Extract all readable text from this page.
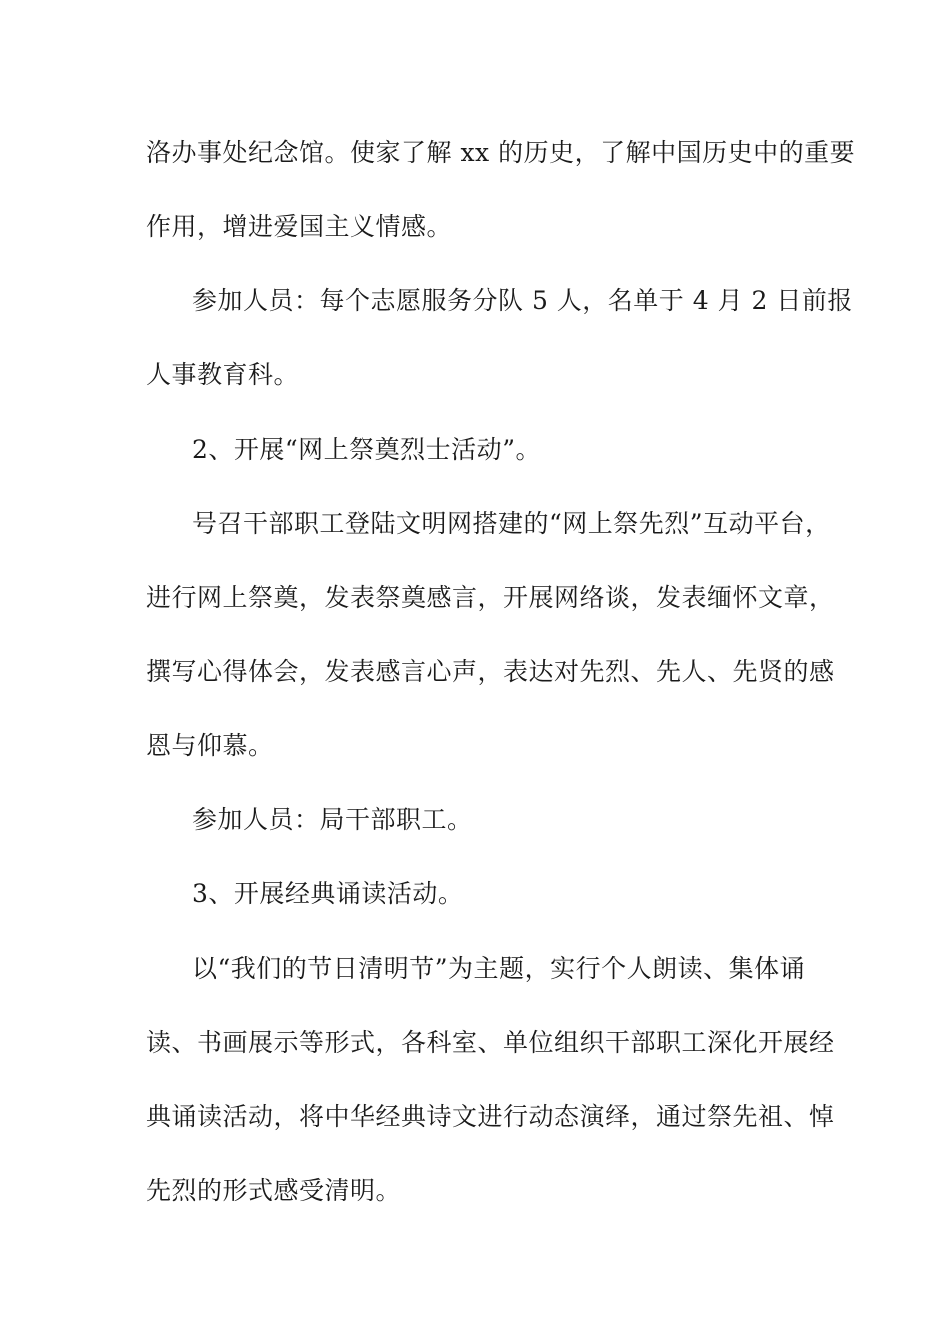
洛办事处纪念馆。使家了解 xx 的历史，了解中国历史中的重要
作用，增进爱国主义情感。
参加人员：每个志愿服务分队 5 人，名单于 4 月 2 日前报
人事教育科。
2、开展“网上祭奠烈士活动”。
号召干部职工登陆文明网搭建的“网上祭先烈”互动平台，
进行网上祭奠，发表祭奠感言，开展网络谈，发表缅怀文章，
撰写心得体会，发表感言心声，表达对先烈、先人、先贤的感
恩与仰慕。
参加人员：局干部职工。
3、开展经典诵读活动。
以“我们的节日清明节”为主题，实行个人朗读、集体诵
读、书画展示等形式，各科室、单位组织干部职工深化开展经
典诵读活动，将中华经典诗文进行动态演绎，通过祭先祖、悼
先烈的形式感受清明。
